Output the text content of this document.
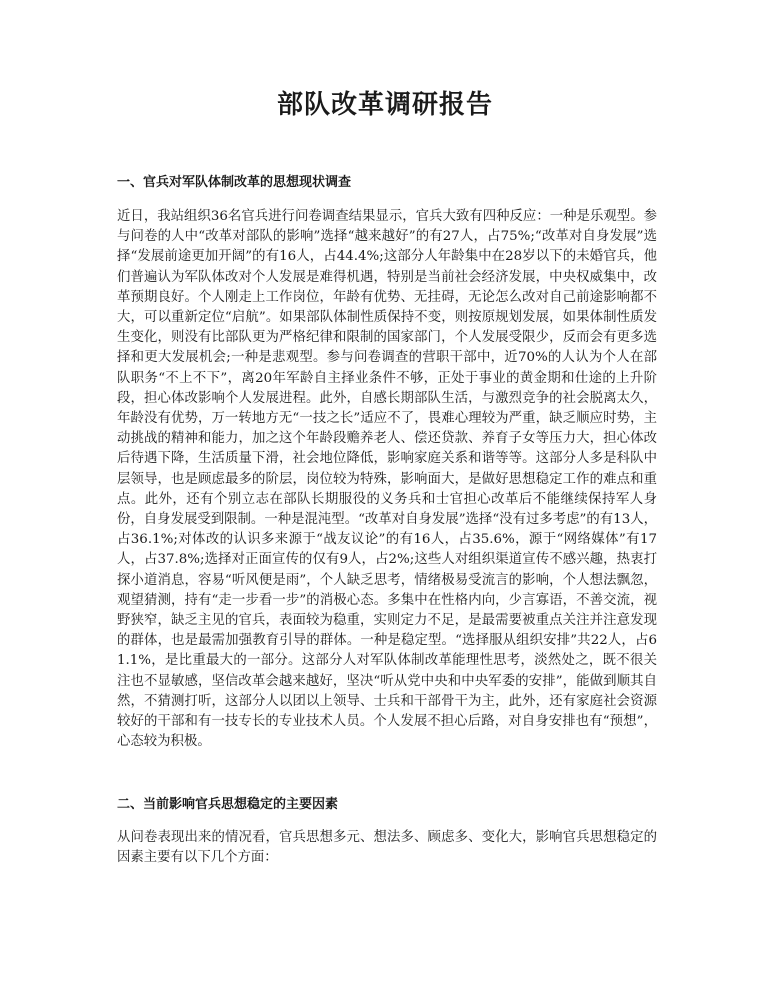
部队改革调研报告
一、官兵对军队体制改革的思想现状调查

近日，我站组织36名官兵进行问卷调查结果显示，官兵大致有四种反应：一种是乐观型。参与问卷的人中“改革对部队的影响”选择“越来越好”的有27人，占75%;“改革对自身发展”选择“发展前途更加开阔”的有16人，占44.4%;这部分人年龄集中在28岁以下的未婚官兵，他们普遍认为军队体改对个人发展是难得机遇，特别是当前社会经济发展，中央权威集中，改革预期良好。个人刚走上工作岗位，年龄有优势、无挂碍，无论怎么改对自己前途影响都不大，可以重新定位“启航”。如果部队体制性质保持不变，则按原规划发展，如果体制性质发生变化，则没有比部队更为严格纪律和限制的国家部门，个人发展受限少，反而会有更多选择和更大发展机会;一种是悲观型。参与问卷调查的营职干部中，近70%的人认为个人在部队职务“不上不下”，离20年军龄自主择业条件不够，正处于事业的黄金期和仕途的上升阶段，担心体改影响个人发展进程。此外，自感长期部队生活，与激烈竞争的社会脱离太久，年龄没有优势，万一转地方无“一技之长”适应不了，畏难心理较为严重，缺乏顺应时势，主动挑战的精神和能力，加之这个年龄段赡养老人、偿还贷款、养育子女等压力大，担心体改后待遇下降，生活质量下滑，社会地位降低，影响家庭关系和谐等等。这部分人多是科队中层领导，也是顾虑最多的阶层，岗位较为特殊，影响面大，是做好思想稳定工作的难点和重点。此外，还有个别立志在部队长期服役的义务兵和士官担心改革后不能继续保持军人身份，自身发展受到限制。一种是混沌型。“改革对自身发展”选择“没有过多考虑”的有13人，占36.1%;对体改的认识多来源于“战友议论”的有16人，占35.6%，源于“网络媒体”有17人，占37.8%;选择对正面宣传的仅有9人，占2%;这些人对组织渠道宣传不感兴趣，热衷打探小道消息，容易“听风便是雨”，个人缺乏思考，情绪极易受流言的影响，个人想法飘忽，观望猜测，持有“走一步看一步”的消极心态。多集中在性格内向，少言寡语，不善交流，视野狭窄，缺乏主见的官兵，表面较为稳重，实则定力不足，是最需要被重点关注并注意发现的群体，也是最需加强教育引导的群体。一种是稳定型。“选择服从组织安排”共22人，占61.1%，是比重最大的一部分。这部分人对军队体制改革能理性思考，淡然处之，既不很关注也不显敏感，坚信改革会越来越好，坚决“听从党中央和中央军委的安排”，能做到顺其自然，不猜测打听，这部分人以团以上领导、士兵和干部骨干为主，此外，还有家庭社会资源较好的干部和有一技专长的专业技术人员。个人发展不担心后路，对自身安排也有“预想”，心态较为积极。

二、当前影响官兵思想稳定的主要因素

从问卷表现出来的情况看，官兵思想多元、想法多、顾虑多、变化大，影响官兵思想稳定的因素主要有以下几个方面：
